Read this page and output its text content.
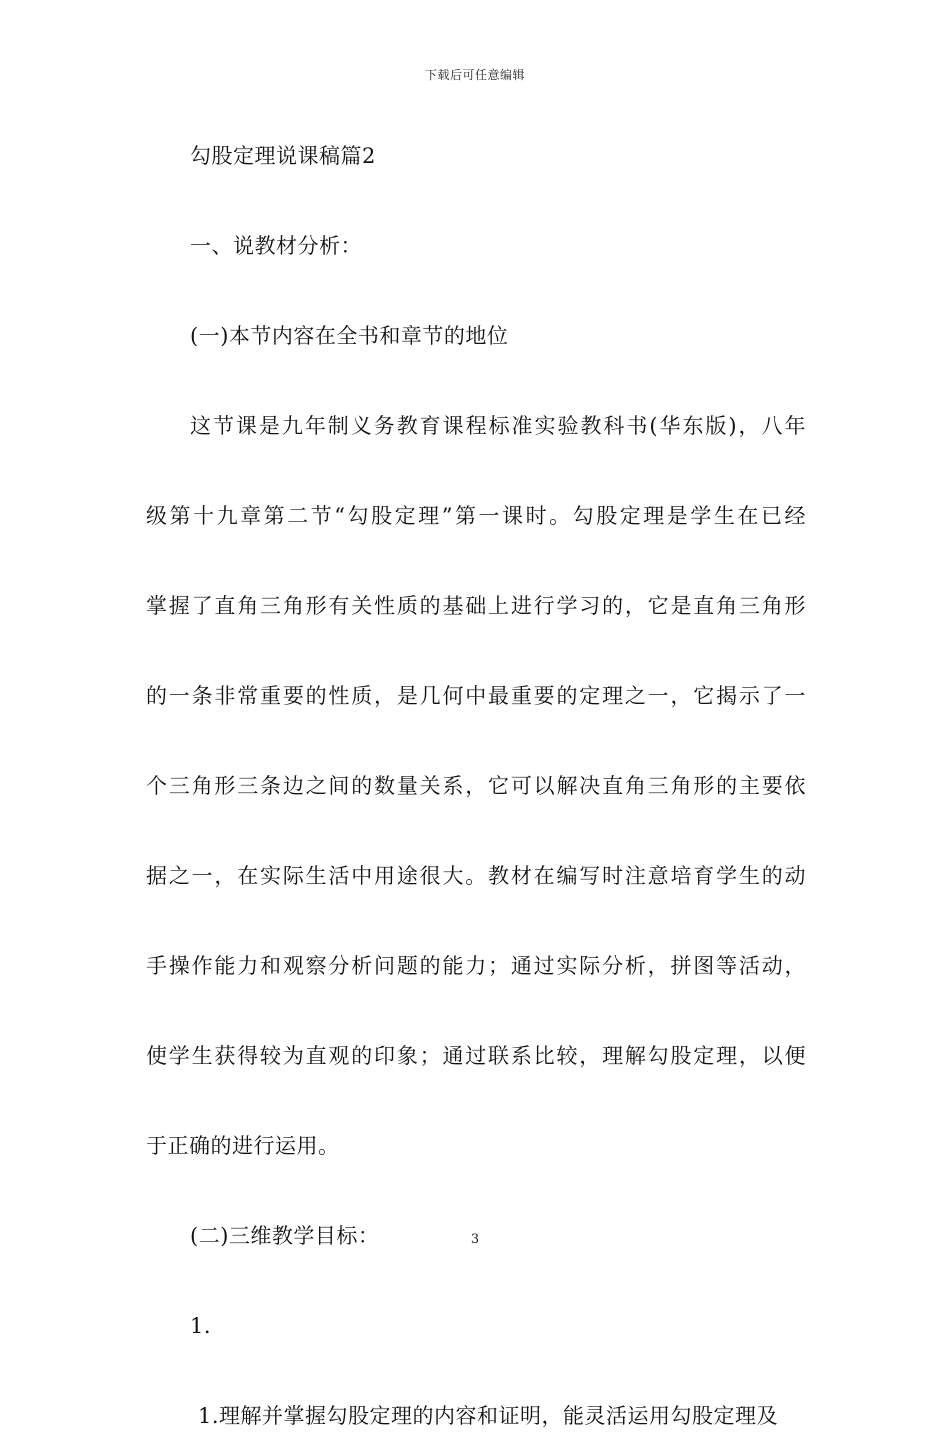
下载后可任意编辑
勾股定理说课稿篇2
一、说教材分析：
(一)本节内容在全书和章节的地位
这节课是九年制义务教育课程标准实验教科书(华东版)，八年
级第十九章第二节“勾股定理”第一课时。勾股定理是学生在已经
掌握了直角三角形有关性质的基础上进行学习的，它是直角三角形
的一条非常重要的性质，是几何中最重要的定理之一，它揭示了一
个三角形三条边之间的数量关系，它可以解决直角三角形的主要依
据之一，在实际生活中用途很大。教材在编写时注意培育学生的动
手操作能力和观察分析问题的能力；通过实际分析，拼图等活动，
使学生获得较为直观的印象；通过联系比较，理解勾股定理，以便
于正确的进行运用。
(二)三维教学目标：
1.
1.理解并掌握勾股定理的内容和证明，能灵活运用勾股定理及
3
